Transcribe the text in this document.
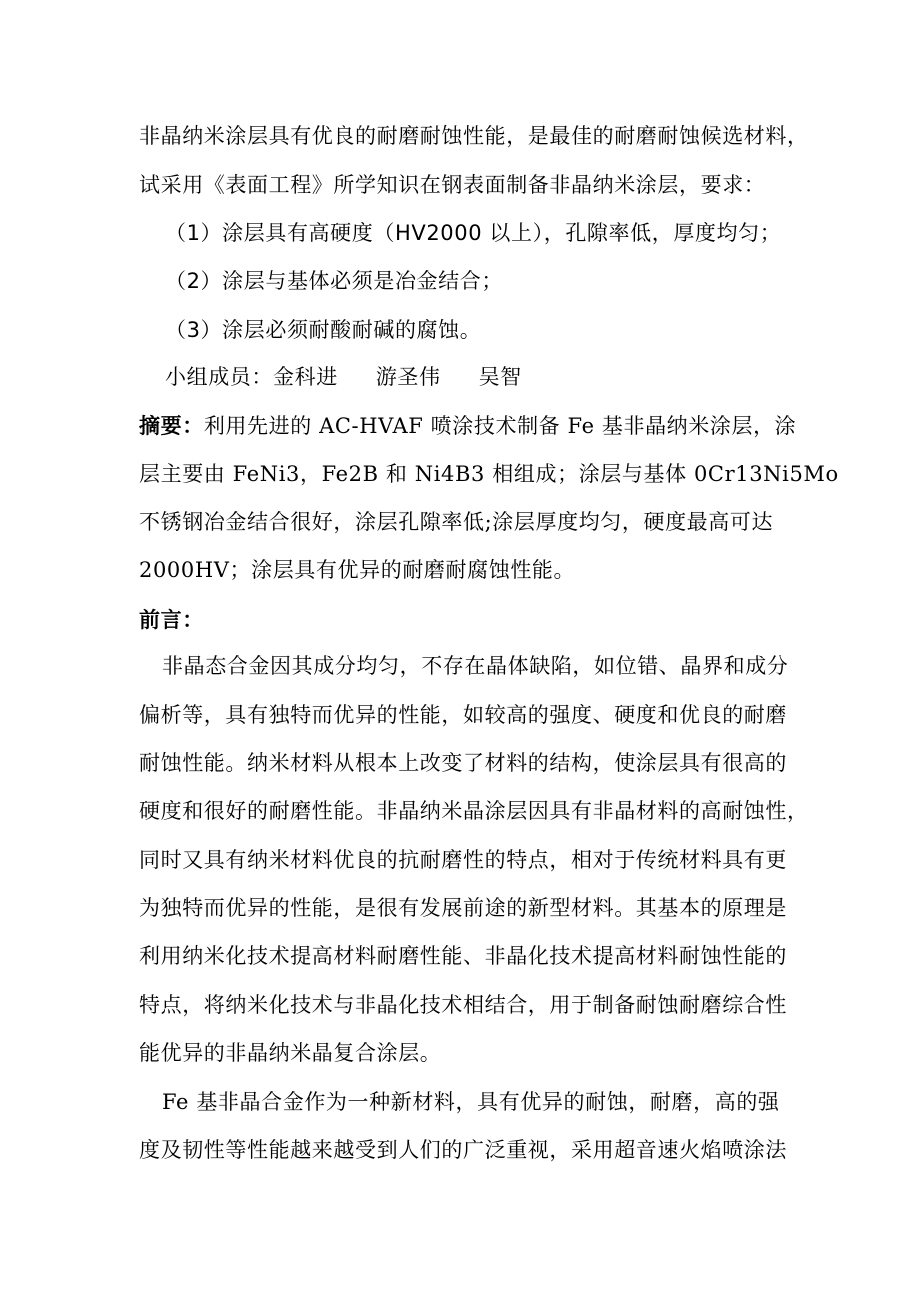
非晶纳米涂层具有优良的耐磨耐蚀性能，是最佳的耐磨耐蚀候选材料，
试采用《表面工程》所学知识在钢表面制备非晶纳米涂层，要求：
（1）涂层具有高硬度（HV2000 以上），孔隙率低，厚度均匀；
（2）涂层与基体必须是冶金结合；
（3）涂层必须耐酸耐碱的腐蚀。
小组成员：金科进 游圣伟 吴智
摘要：利用先进的 AC-HVAF 喷涂技术制备 Fe 基非晶纳米涂层，涂
层主要由 FeNi3，Fe2B 和 Ni4B3 相组成；涂层与基体 0Cr13Ni5Mo
不锈钢冶金结合很好，涂层孔隙率低;涂层厚度均匀，硬度最高可达
2000HV；涂层具有优异的耐磨耐腐蚀性能。
前言：
非晶态合金因其成分均匀，不存在晶体缺陷，如位错、晶界和成分
偏析等，具有独特而优异的性能，如较高的强度、硬度和优良的耐磨
耐蚀性能。纳米材料从根本上改变了材料的结构，使涂层具有很高的
硬度和很好的耐磨性能。非晶纳米晶涂层因具有非晶材料的高耐蚀性，
同时又具有纳米材料优良的抗耐磨性的特点，相对于传统材料具有更
为独特而优异的性能，是很有发展前途的新型材料。其基本的原理是
利用纳米化技术提高材料耐磨性能、非晶化技术提高材料耐蚀性能的
特点，将纳米化技术与非晶化技术相结合，用于制备耐蚀耐磨综合性
能优异的非晶纳米晶复合涂层。
Fe 基非晶合金作为一种新材料，具有优异的耐蚀，耐磨，高的强
度及韧性等性能越来越受到人们的广泛重视，采用超音速火焰喷涂法
